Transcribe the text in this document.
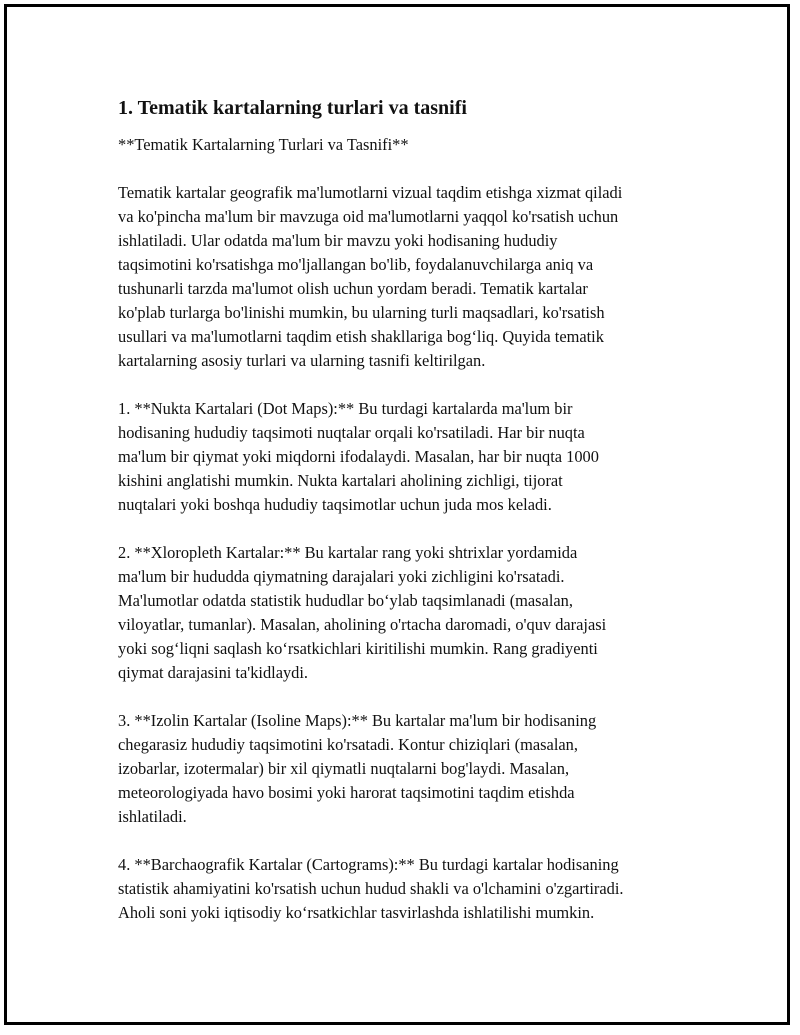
1. Tematik kartalarning turlari va tasnifi

**Tematik Kartalarning Turlari va Tasnifi**

Tematik kartalar geografik ma'lumotlarni vizual taqdim etishga xizmat qiladi
va ko'pincha ma'lum bir mavzuga oid ma'lumotlarni yaqqol ko'rsatish uchun
ishlatiladi. Ular odatda ma'lum bir mavzu yoki hodisaning hududiy
taqsimotini ko'rsatishga mo'ljallangan bo'lib, foydalanuvchilarga aniq va
tushunarli tarzda ma'lumot olish uchun yordam beradi. Tematik kartalar
ko'plab turlarga bo'linishi mumkin, bu ularning turli maqsadlari, ko'rsatish
usullari va ma'lumotlarni taqdim etish shakllariga bog‘liq. Quyida tematik
kartalarning asosiy turlari va ularning tasnifi keltirilgan.

1. **Nukta Kartalari (Dot Maps):** Bu turdagi kartalarda ma'lum bir
hodisaning hududiy taqsimoti nuqtalar orqali ko'rsatiladi. Har bir nuqta
ma'lum bir qiymat yoki miqdorni ifodalaydi. Masalan, har bir nuqta 1000
kishini anglatishi mumkin. Nukta kartalari aholining zichligi, tijorat
nuqtalari yoki boshqa hududiy taqsimotlar uchun juda mos keladi.

2. **Xloropleth Kartalar:** Bu kartalar rang yoki shtrixlar yordamida
ma'lum bir hududda qiymatning darajalari yoki zichligini ko'rsatadi.
Ma'lumotlar odatda statistik hududlar bo‘ylab taqsimlanadi (masalan,
viloyatlar, tumanlar). Masalan, aholining o'rtacha daromadi, o'quv darajasi
yoki sog‘liqni saqlash ko‘rsatkichlari kiritilishi mumkin. Rang gradiyenti
qiymat darajasini ta'kidlaydi.

3. **Izolin Kartalar (Isoline Maps):** Bu kartalar ma'lum bir hodisaning
chegarasiz hududiy taqsimotini ko'rsatadi. Kontur chiziqlari (masalan,
izobarlar, izotermalar) bir xil qiymatli nuqtalarni bog'laydi. Masalan,
meteorologiyada havo bosimi yoki harorat taqsimotini taqdim etishda
ishlatiladi.

4. **Barchaografik Kartalar (Cartograms):** Bu turdagi kartalar hodisaning
statistik ahamiyatini ko'rsatish uchun hudud shakli va o'lchamini o'zgartiradi.
Aholi soni yoki iqtisodiy ko‘rsatkichlar tasvirlashda ishlatilishi mumkin.
